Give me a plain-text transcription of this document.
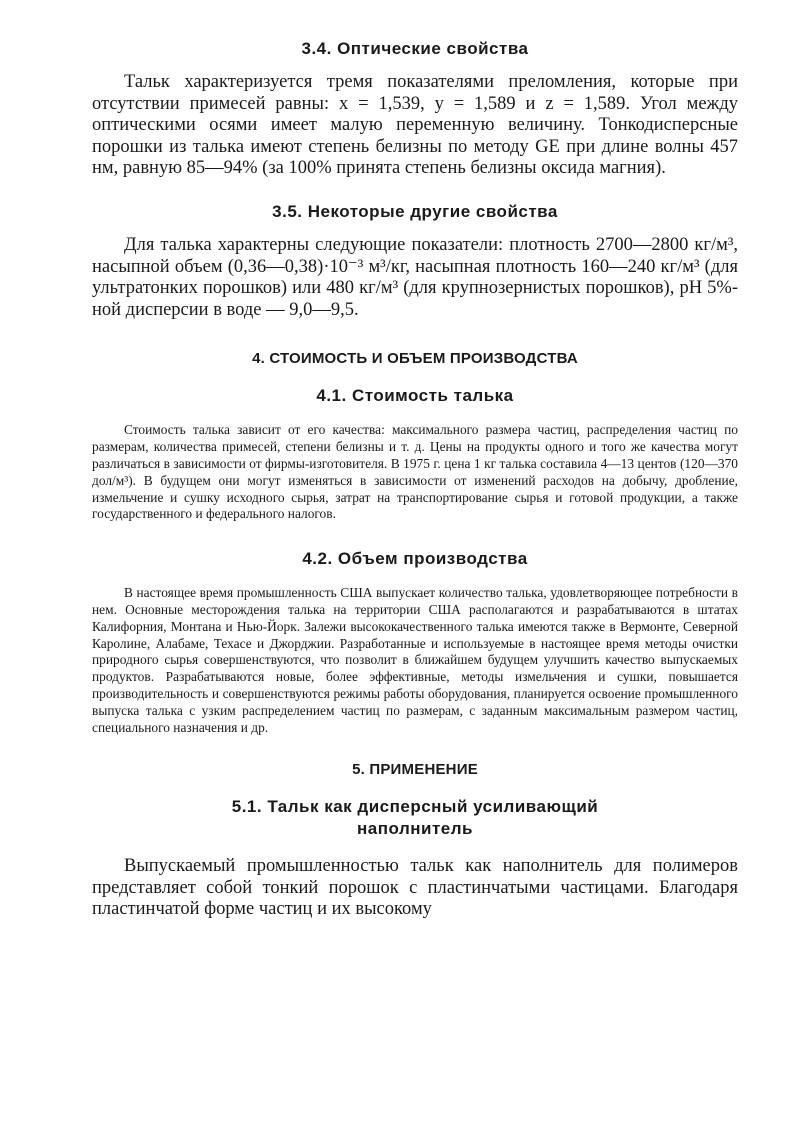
3.4. Оптические свойства

Тальк характеризуется тремя показателями преломления, которые при отсутствии примесей равны: x = 1,539, y = 1,589 и z = 1,589. Угол между оптическими осями имеет малую переменную величину. Тонкодисперсные порошки из талька имеют степень белизны по методу GE при длине волны 457 нм, равную 85—94% (за 100% принята степень белизны оксида магния).

3.5. Некоторые другие свойства

Для талька характерны следующие показатели: плотность 2700—2800 кг/м³, насыпной объем (0,36—0,38)·10⁻³ м³/кг, насыпная плотность 160—240 кг/м³ (для ультратонких порошков) или 480 кг/м³ (для крупнозернистых порошков), pH 5%-ной дисперсии в воде — 9,0—9,5.

4. СТОИМОСТЬ И ОБЪЕМ ПРОИЗВОДСТВА
4.1. Стоимость талька

Стоимость талька зависит от его качества: максимального размера частиц, распределения частиц по размерам, количества примесей, степени белизны и т. д. Цены на продукты одного и того же качества могут различаться в зависимости от фирмы-изготовителя. В 1975 г. цена 1 кг талька составила 4—13 центов (120—370 дол/м³). В будущем они могут изменяться в зависимости от изменений расходов на добычу, дробление, измельчение и сушку исходного сырья, затрат на транспортирование сырья и готовой продукции, а также государственного и федерального налогов.

4.2. Объем производства

В настоящее время промышленность США выпускает количество талька, удовлетворяющее потребности в нем. Основные месторождения талька на территории США располагаются и разрабатываются в штатах Калифорния, Монтана и Нью-Йорк. Залежи высококачественного талька имеются также в Вермонте, Северной Каролине, Алабаме, Техасе и Джорджии. Разработанные и используемые в настоящее время методы очистки природного сырья совершенствуются, что позволит в ближайшем будущем улучшить качество выпускаемых продуктов. Разрабатываются новые, более эффективные, методы измельчения и сушки, повышается производительность и совершенствуются режимы работы оборудования, планируется освоение промышленного выпуска талька с узким распределением частиц по размерам, с заданным максимальным размером частиц, специального назначения и др.

5. ПРИМЕНЕНИЕ
5.1. Тальк как дисперсный усиливающий
наполнитель

Выпускаемый промышленностью тальк как наполнитель для полимеров представляет собой тонкий порошок с пластинчатыми частицами. Благодаря пластинчатой форме частиц и их высокому
